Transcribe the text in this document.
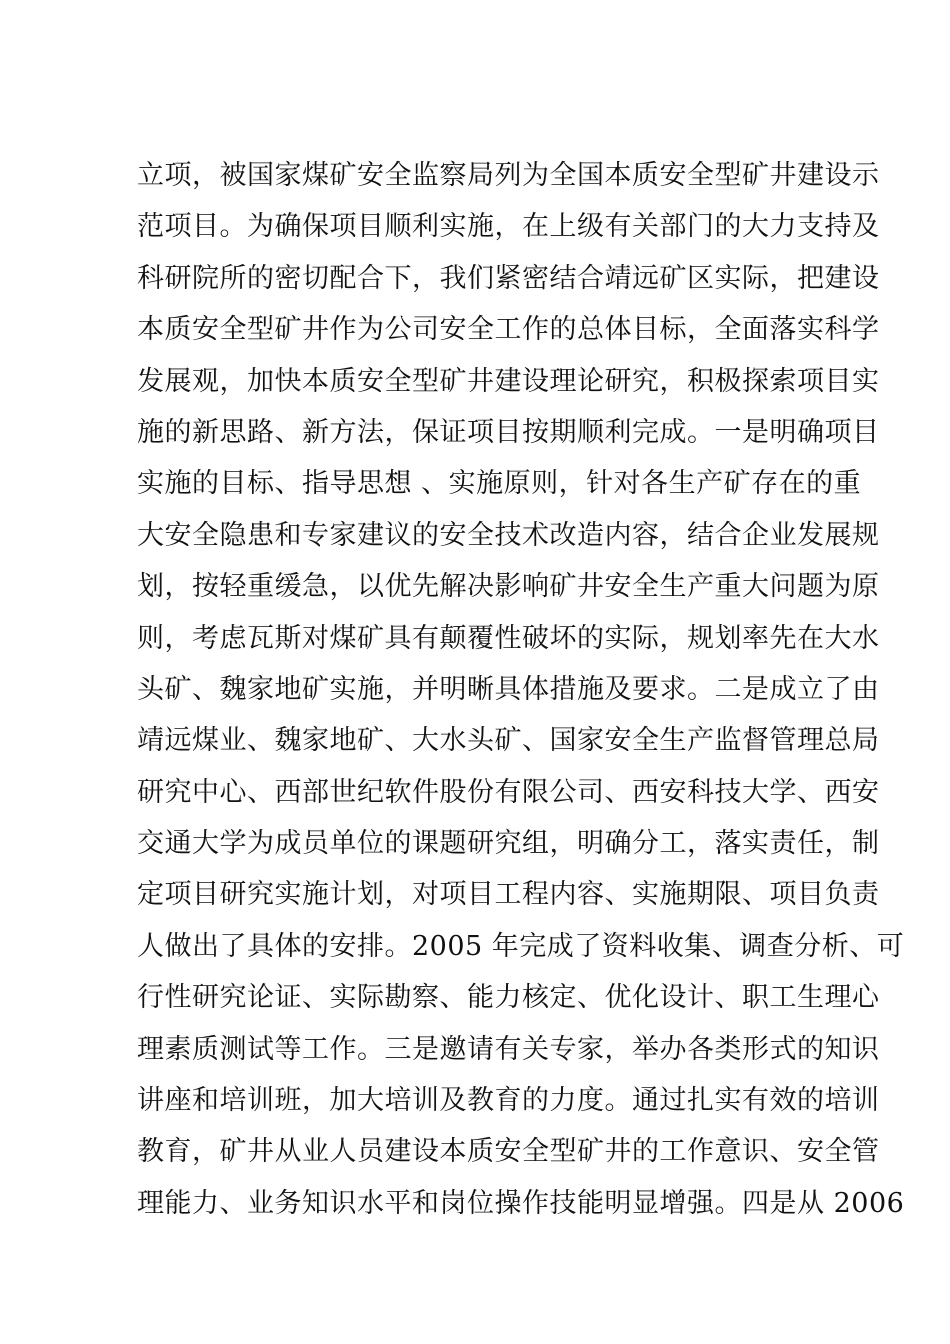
立项，被国家煤矿安全监察局列为全国本质安全型矿井建设示
范项目。为确保项目顺利实施，在上级有关部门的大力支持及
科研院所的密切配合下，我们紧密结合靖远矿区实际，把建设
本质安全型矿井作为公司安全工作的总体目标，全面落实科学
发展观，加快本质安全型矿井建设理论研究，积极探索项目实
施的新思路、新方法，保证项目按期顺利完成。一是明确项目
实施的目标、指导思想 、实施原则，针对各生产矿存在的重
大安全隐患和专家建议的安全技术改造内容，结合企业发展规
划，按轻重缓急，以优先解决影响矿井安全生产重大问题为原
则，考虑瓦斯对煤矿具有颠覆性破坏的实际，规划率先在大水
头矿、魏家地矿实施，并明晰具体措施及要求。二是成立了由
靖远煤业、魏家地矿、大水头矿、国家安全生产监督管理总局
研究中心、西部世纪软件股份有限公司、西安科技大学、西安
交通大学为成员单位的课题研究组，明确分工，落实责任，制
定项目研究实施计划，对项目工程内容、实施期限、项目负责
人做出了具体的安排。2005 年完成了资料收集、调查分析、可
行性研究论证、实际勘察、能力核定、优化设计、职工生理心
理素质测试等工作。三是邀请有关专家，举办各类形式的知识
讲座和培训班，加大培训及教育的力度。通过扎实有效的培训
教育，矿井从业人员建设本质安全型矿井的工作意识、安全管
理能力、业务知识水平和岗位操作技能明显增强。四是从 2006
